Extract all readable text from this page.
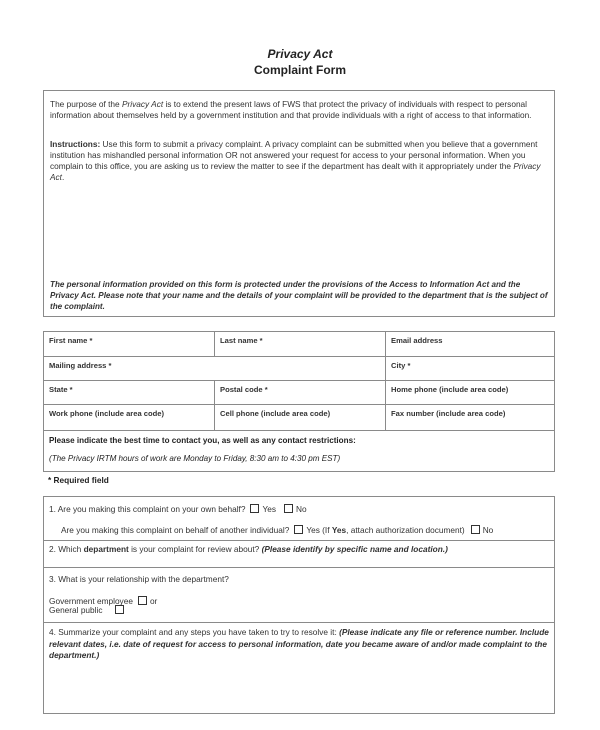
Privacy Act
Complaint Form
The purpose of the Privacy Act is to extend the present laws of FWS that protect the privacy of individuals with respect to personal information about themselves held by a government institution and that provide individuals with a right of access to that information.
Instructions: Use this form to submit a privacy complaint. A privacy complaint can be submitted when you believe that a government institution has mishandled personal information OR not answered your request for access to your personal information. When you complain to this office, you are asking us to review the matter to see if the department has dealt with it appropriately under the Privacy Act.
The personal information provided on this form is protected under the provisions of the Access to Information Act and the Privacy Act. Please note that your name and the details of your complaint will be provided to the department that is the subject of the complaint.
First name *	Last name *	Email address
Mailing address *	City *
State *	Postal code *	Home phone (include area code)
Work phone (include area code)	Cell phone (include area code)	Fax number (include area code)
Please indicate the best time to contact you, as well as any contact restrictions:
(The Privacy IRTM hours of work are Monday to Friday, 8:30 am to 4:30 pm EST)
* Required field
1. Are you making this complaint on your own behalf? Yes No
Are you making this complaint on behalf of another individual? Yes (If Yes, attach authorization document) No
2. Which department is your complaint for review about? (Please identify by specific name and location.)
3. What is your relationship with the department?
Government employee or
General public
4. Summarize your complaint and any steps you have taken to try to resolve it: (Please indicate any file or reference number. Include relevant dates, i.e. date of request for access to personal information, date you became aware of and/or made complaint to the department.)
